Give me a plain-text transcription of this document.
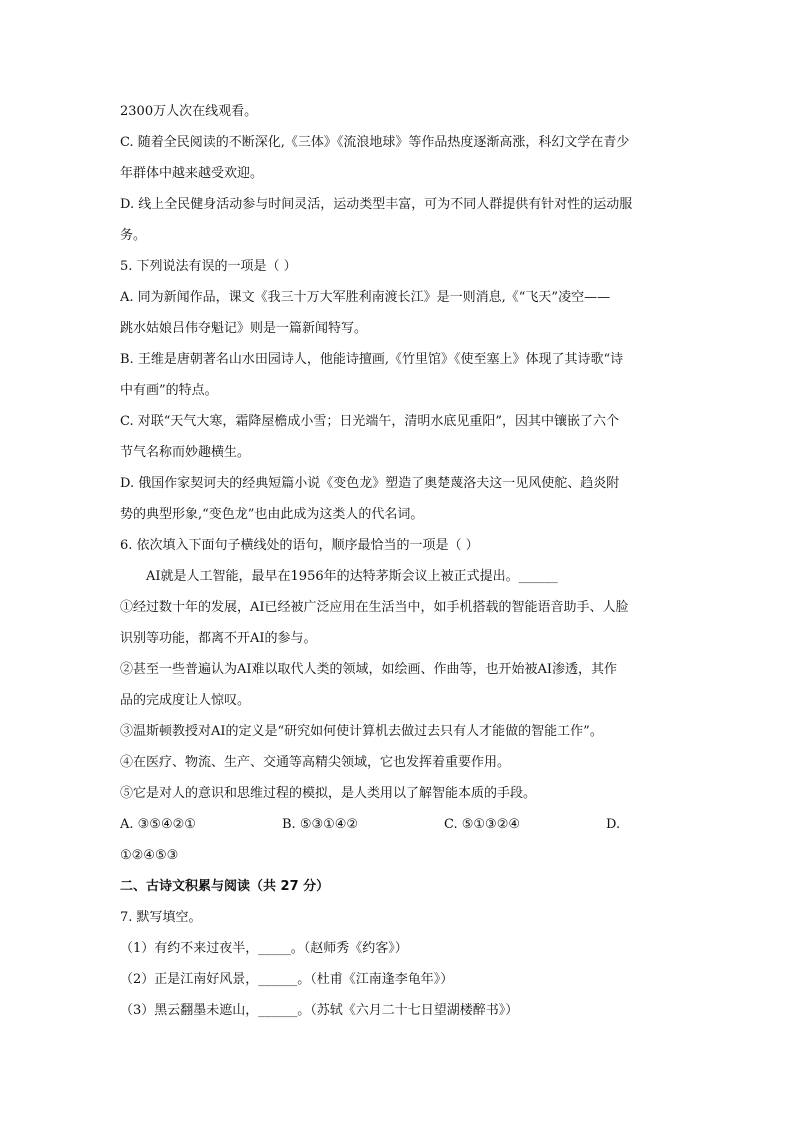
2300万人次在线观看。
C. 随着全民阅读的不断深化,《三体》《流浪地球》等作品热度逐渐高涨，科幻文学在青少
年群体中越来越受欢迎。
D. 线上全民健身活动参与时间灵活，运动类型丰富，可为不同人群提供有针对性的运动服
务。
5. 下列说法有误的一项是（ ）
A. 同为新闻作品，课文《我三十万大军胜利南渡长江》是一则消息,《“飞天”凌空——
跳水姑娘吕伟夺魁记》则是一篇新闻特写。
B. 王维是唐朝著名山水田园诗人，他能诗擅画,《竹里馆》《使至塞上》体现了其诗歌“诗
中有画”的特点。
C. 对联“天气大寒，霜降屋檐成小雪；日光端午，清明水底见重阳”，因其中镶嵌了六个
节气名称而妙趣横生。
D. 俄国作家契诃夫的经典短篇小说《变色龙》塑造了奥楚蔑洛夫这一见风使舵、趋炎附
势的典型形象,“变色龙”也由此成为这类人的代名词。
6. 依次填入下面句子横线处的语句，顺序最恰当的一项是（ ）
AI就是人工智能，最早在1956年的达特茅斯会议上被正式提出。______
①经过数十年的发展，AI已经被广泛应用在生活当中，如手机搭载的智能语音助手、人脸
识别等功能，都离不开AI的参与。
②甚至一些普遍认为AI难以取代人类的领域，如绘画、作曲等，也开始被AI渗透，其作
品的完成度让人惊叹。
③温斯顿教授对AI的定义是“研究如何使计算机去做过去只有人才能做的智能工作”。
④在医疗、物流、生产、交通等高精尖领域，它也发挥着重要作用。
⑤它是对人的意识和思维过程的模拟，是人类用以了解智能本质的手段。
A. ③⑤④②①	B. ⑤③①④②	C. ⑤①③②④	D.
①②④⑤③
二、古诗文积累与阅读（共 27 分）
7. 默写填空。
（1）有约不来过夜半，_____。（赵师秀《约客》）
（2）正是江南好风景，______。（杜甫《江南逢李龟年》）
（3）黑云翻墨未遮山，______。（苏轼《六月二十七日望湖楼醉书》）
